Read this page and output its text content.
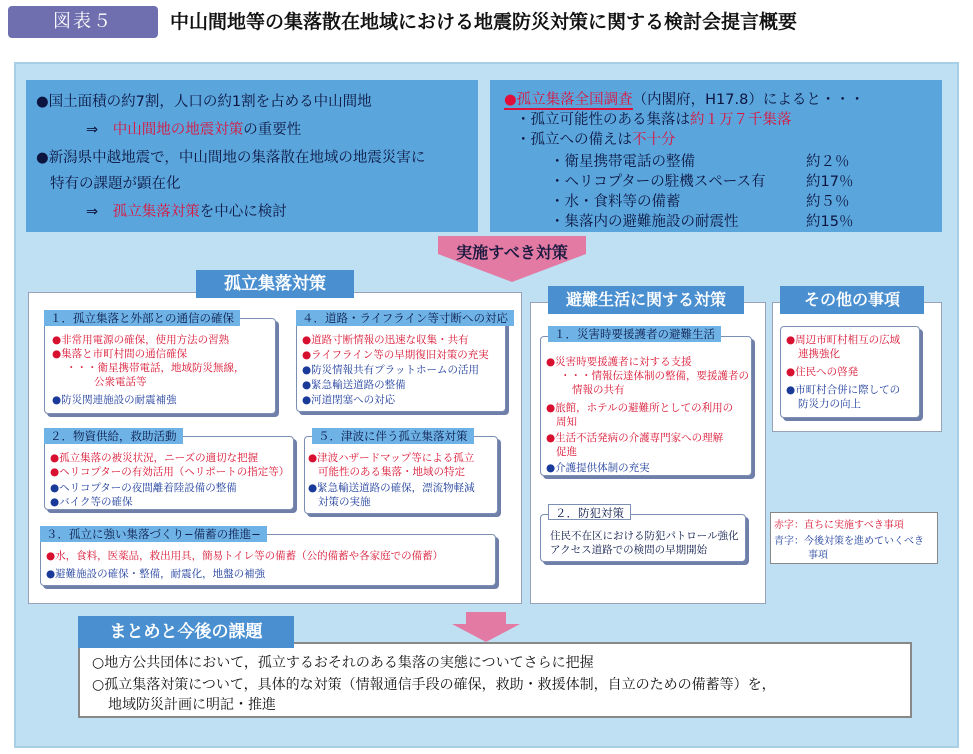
図表５	中山間地等の集落散在地域における地震防災対策に関する検討会提言概要
●国土面積の約7割，人口の約1割を占める中山間地
⇒ 中山間地の地震対策の重要性
●新潟県中越地震で，中山間地の集落散在地域の地震災害に
特有の課題が顕在化
⇒ 孤立集落対策を中心に検討
●孤立集落全国調査（内閣府，H17.8）によると・・・
・孤立可能性のある集落は約１万７千集落
・孤立への備えは不十分
・衛星携帯電話の整備	約２％
・ヘリコプターの駐機スペース有	約17％
・水・食料等の備蓄	約５％
・集落内の避難施設の耐震性	約15％
実施すべき対策
孤立集落対策
１．孤立集落と外部との通信の確保
●非常用電源の確保，使用方法の習熟
●集落と市町村間の通信確保
・・・衛星携帯電話，地域防災無線，
公衆電話等
●防災関連施設の耐震補強
２．物資供給，救助活動
●孤立集落の被災状況，ニーズの適切な把握
●ヘリコプターの有効活用（ヘリポートの指定等）
●ヘリコプターの夜間離着陸設備の整備
●バイク等の確保
３．孤立に強い集落づくり−備蓄の推進−
●水，食料，医薬品，救出用具，簡易トイレ等の備蓄（公的備蓄や各家庭での備蓄）
●避難施設の確保・整備，耐震化，地盤の補強
４．道路・ライフライン等寸断への対応
●道路寸断情報の迅速な収集・共有
●ライフライン等の早期復旧対策の充実
●防災情報共有プラットホームの活用
●緊急輸送道路の整備
●河道閉塞への対応
５．津波に伴う孤立集落対策
●津波ハザードマップ等による孤立
可能性のある集落・地域の特定
●緊急輸送道路の確保，漂流物軽減
対策の実施
避難生活に関する対策
１．災害時要援護者の避難生活
●災害時要援護者に対する支援
・・・情報伝達体制の整備，要援護者の
情報の共有
●旅館，ホテルの避難所としての利用の
周知
●生活不活発病の介護専門家への理解
促進
●介護提供体制の充実
２．防犯対策
住民不在区における防犯パトロール強化
アクセス道路での検問の早期開始
その他の事項
●周辺市町村相互の広域
連携強化
●住民への啓発
●市町村合併に際しての
防災力の向上
赤字：直ちに実施すべき事項
青字：今後対策を進めていくべき
事項
まとめと今後の課題
○地方公共団体において，孤立するおそれのある集落の実態についてさらに把握
○孤立集落対策について，具体的な対策（情報通信手段の確保，救助・救援体制，自立のための備蓄等）を，
地域防災計画に明記・推進
